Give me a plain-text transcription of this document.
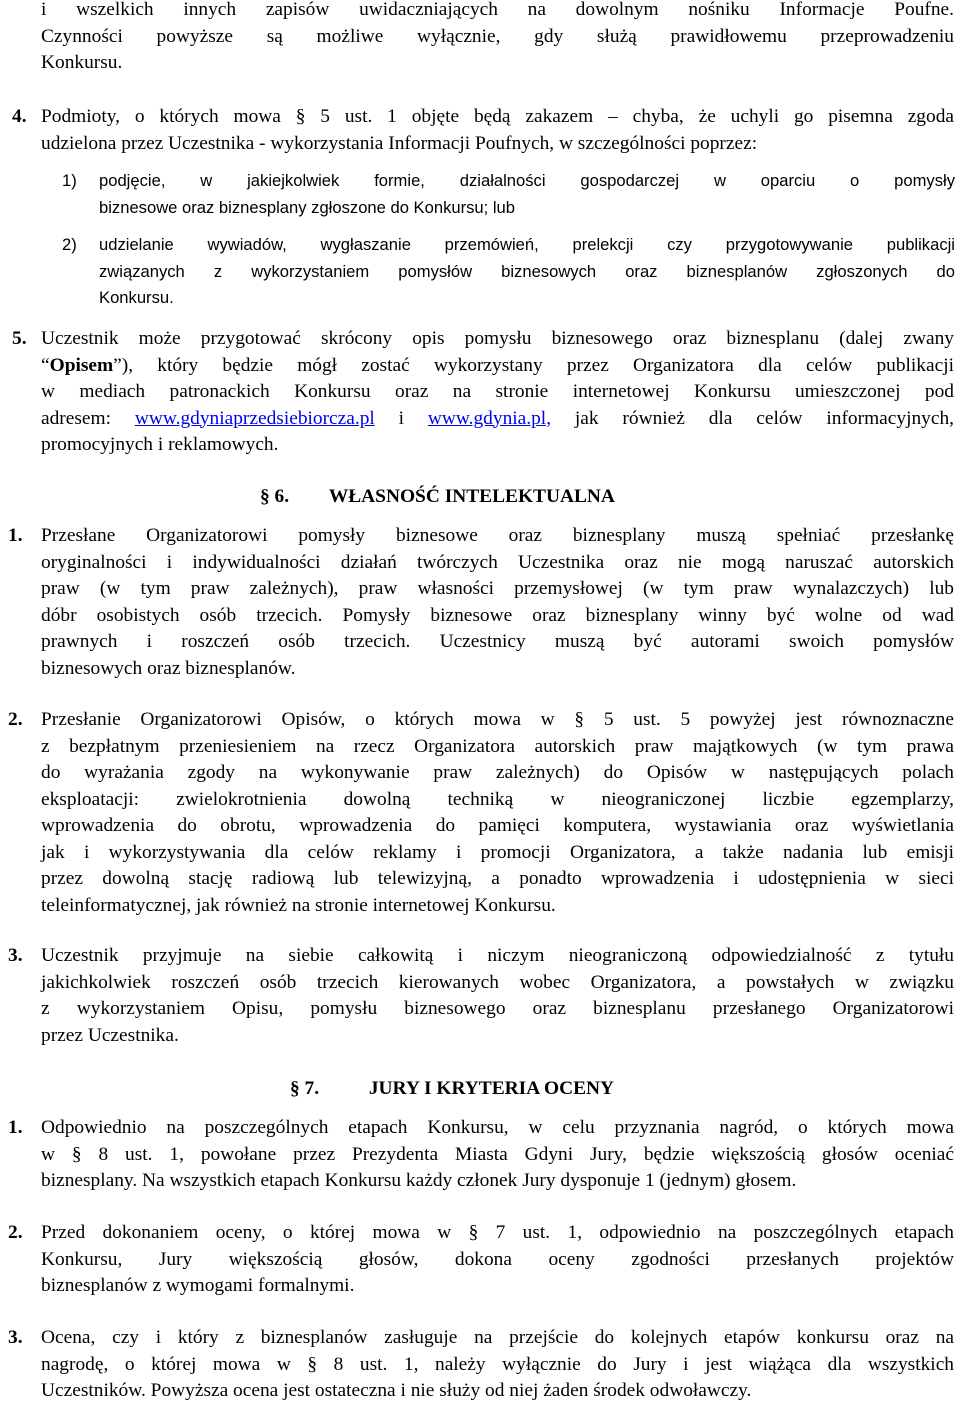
i wszelkich innych zapisów uwidaczniających na dowolnym nośniku Informacje Poufne.
Czynności powyższe są możliwe wyłącznie, gdy służą prawidłowemu przeprowadzeniu
Konkursu.
4. Podmioty, o których mowa § 5 ust. 1 objęte będą zakazem – chyba, że uchyli go pisemna zgoda
udzielona przez Uczestnika - wykorzystania Informacji Poufnych, w szczególności poprzez:
1) podjęcie, w jakiejkolwiek formie, działalności gospodarczej w oparciu o pomysły
biznesowe oraz biznesplany zgłoszone do Konkursu; lub
2) udzielanie wywiadów, wygłaszanie przemówień, prelekcji czy przygotowywanie publikacji
związanych z wykorzystaniem pomysłów biznesowych oraz biznesplanów zgłoszonych do
Konkursu.
5. Uczestnik może przygotować skrócony opis pomysłu biznesowego oraz biznesplanu (dalej zwany
“Opisem”), który będzie mógł zostać wykorzystany przez Organizatora dla celów publikacji
w mediach patronackich Konkursu oraz na stronie internetowej Konkursu umieszczonej pod
adresem: www.gdyniaprzedsiebiorcza.pl i www.gdynia.pl, jak również dla celów informacyjnych,
promocyjnych i reklamowych.
§ 6. WŁASNOŚĆ INTELEKTUALNA
1. Przesłane Organizatorowi pomysły biznesowe oraz biznesplany muszą spełniać przesłankę
oryginalności i indywidualności działań twórczych Uczestnika oraz nie mogą naruszać autorskich
praw (w tym praw zależnych), praw własności przemysłowej (w tym praw wynalazczych) lub
dóbr osobistych osób trzecich. Pomysły biznesowe oraz biznesplany winny być wolne od wad
prawnych i roszczeń osób trzecich. Uczestnicy muszą być autorami swoich pomysłów
biznesowych oraz biznesplanów.
2. Przesłanie Organizatorowi Opisów, o których mowa w § 5 ust. 5 powyżej jest równoznaczne
z bezpłatnym przeniesieniem na rzecz Organizatora autorskich praw majątkowych (w tym prawa
do wyrażania zgody na wykonywanie praw zależnych) do Opisów w następujących polach
eksploatacji: zwielokrotnienia dowolną techniką w nieograniczonej liczbie egzemplarzy,
wprowadzenia do obrotu, wprowadzenia do pamięci komputera, wystawiania oraz wyświetlania
jak i wykorzystywania dla celów reklamy i promocji Organizatora, a także nadania lub emisji
przez dowolną stację radiową lub telewizyjną, a ponadto wprowadzenia i udostępnienia w sieci
teleinformatycznej, jak również na stronie internetowej Konkursu.
3. Uczestnik przyjmuje na siebie całkowitą i niczym nieograniczoną odpowiedzialność z tytułu
jakichkolwiek roszczeń osób trzecich kierowanych wobec Organizatora, a powstałych w związku
z wykorzystaniem Opisu, pomysłu biznesowego oraz biznesplanu przesłanego Organizatorowi
przez Uczestnika.
§ 7.	JURY I KRYTERIA OCENY
1. Odpowiednio na poszczególnych etapach Konkursu, w celu przyznania nagród, o których mowa
w § 8 ust. 1, powołane przez Prezydenta Miasta Gdyni Jury, będzie większością głosów oceniać
biznesplany. Na wszystkich etapach Konkursu każdy członek Jury dysponuje 1 (jednym) głosem.
2. Przed dokonaniem oceny, o której mowa w § 7 ust. 1, odpowiednio na poszczególnych etapach
Konkursu, Jury większością głosów, dokona oceny zgodności przesłanych projektów
biznesplanów z wymogami formalnymi.
3. Ocena, czy i który z biznesplanów zasługuje na przejście do kolejnych etapów konkursu oraz na
nagrodę, o której mowa w § 8 ust. 1, należy wyłącznie do Jury i jest wiążąca dla wszystkich
Uczestników. Powyższa ocena jest ostateczna i nie służy od niej żaden środek odwoławczy.
